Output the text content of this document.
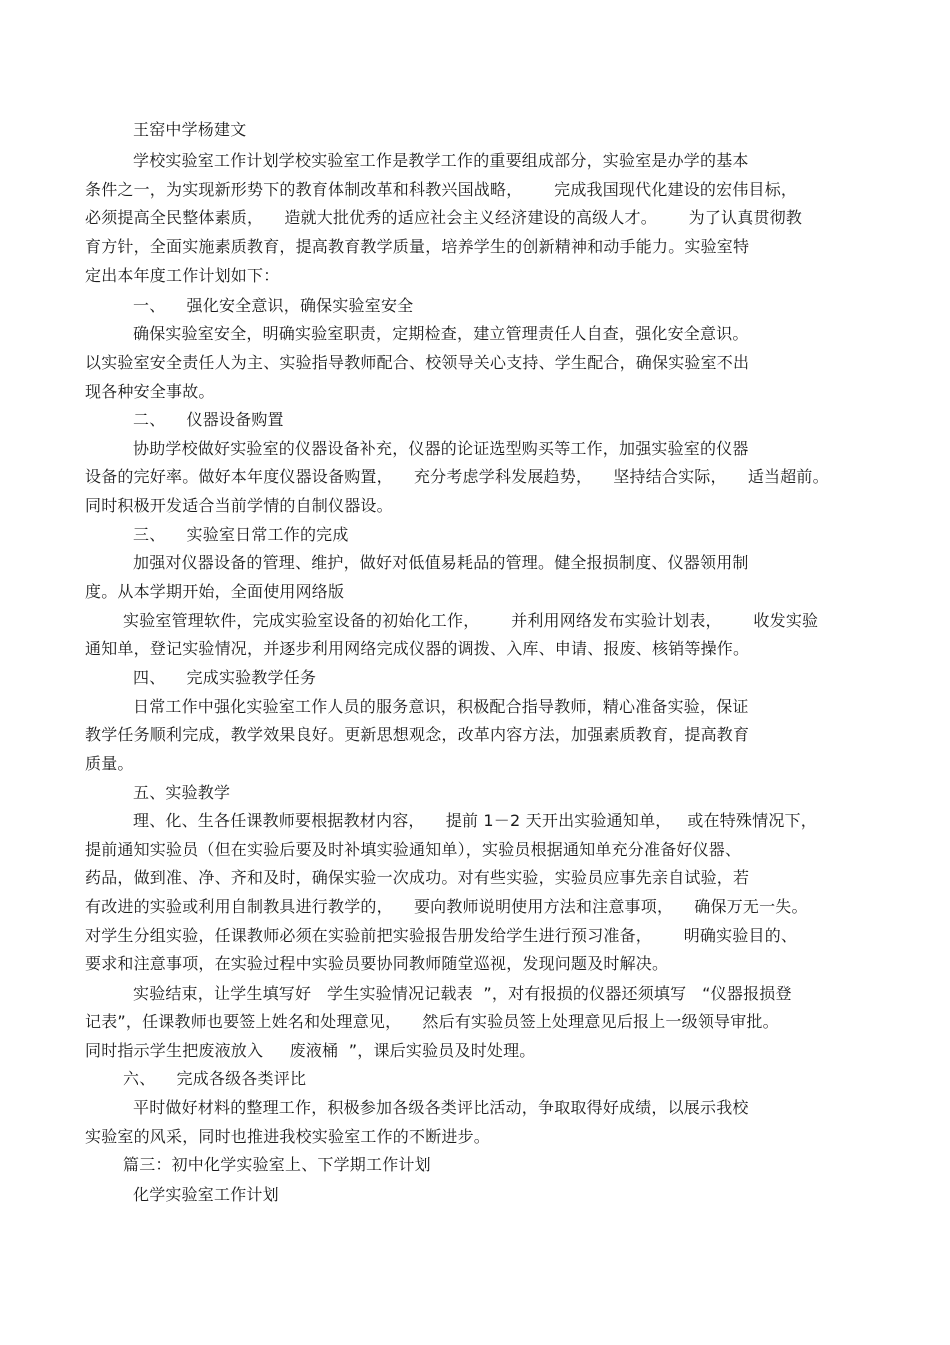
王窑中学杨建文
学校实验室工作计划学校实验室工作是教学工作的重要组成部分，实验室是办学的基本
条件之一，为实现新形势下的教育体制改革和科教兴国战略，      完成我国现代化建设的宏伟目标，
必须提高全民整体素质，    造就大批优秀的适应社会主义经济建设的高级人才。      为了认真贯彻教
育方针，全面实施素质教育，提高教育教学质量，培养学生的创新精神和动手能力。实验室特
定出本年度工作计划如下：
一、    强化安全意识，确保实验室安全
确保实验室安全，明确实验室职责，定期检查，建立管理责任人自查，强化安全意识。
以实验室安全责任人为主、实验指导教师配合、校领导关心支持、学生配合，确保实验室不出
现各种安全事故。
二、    仪器设备购置
协助学校做好实验室的仪器设备补充，仪器的论证选型购买等工作，加强实验室的仪器
设备的完好率。做好本年度仪器设备购置，    充分考虑学科发展趋势，    坚持结合实际，    适当超前。
同时积极开发适合当前学情的自制仪器设。
三、    实验室日常工作的完成
加强对仪器设备的管理、维护，做好对低值易耗品的管理。健全报损制度、仪器领用制
度。从本学期开始，全面使用网络版
实验室管理软件，完成实验室设备的初始化工作，      并利用网络发布实验计划表，      收发实验
通知单，登记实验情况，并逐步利用网络完成仪器的调拨、入库、申请、报废、核销等操作。
四、    完成实验教学任务
日常工作中强化实验室工作人员的服务意识，积极配合指导教师，精心准备实验，保证
教学任务顺利完成，教学效果良好。更新思想观念，改革内容方法，加强素质教育，提高教育
质量。
五、实验教学
理、化、生各任课教师要根据教材内容，    提前 1－2 天开出实验通知单，   或在特殊情况下，
提前通知实验员（但在实验后要及时补填实验通知单），实验员根据通知单充分准备好仪器、
药品，做到准、净、齐和及时，确保实验一次成功。对有些实验，实验员应事先亲自试验，若
有改进的实验或利用自制教具进行教学的，    要向教师说明使用方法和注意事项，    确保万无一失。
对学生分组实验，任课教师必须在实验前把实验报告册发给学生进行预习准备，      明确实验目的、
要求和注意事项，在实验过程中实验员要协同教师随堂巡视，发现问题及时解决。
实验结束，让学生填写好   学生实验情况记载表  ”，对有报损的仪器还须填写   “仪器报损登
记表”，任课教师也要签上姓名和处理意见，    然后有实验员签上处理意见后报上一级领导审批。
同时指示学生把废液放入     废液桶  ”，课后实验员及时处理。
六、    完成各级各类评比
平时做好材料的整理工作，积极参加各级各类评比活动，争取取得好成绩，以展示我校
实验室的风采，同时也推进我校实验室工作的不断进步。
篇三：初中化学实验室上、下学期工作计划
化学实验室工作计划
